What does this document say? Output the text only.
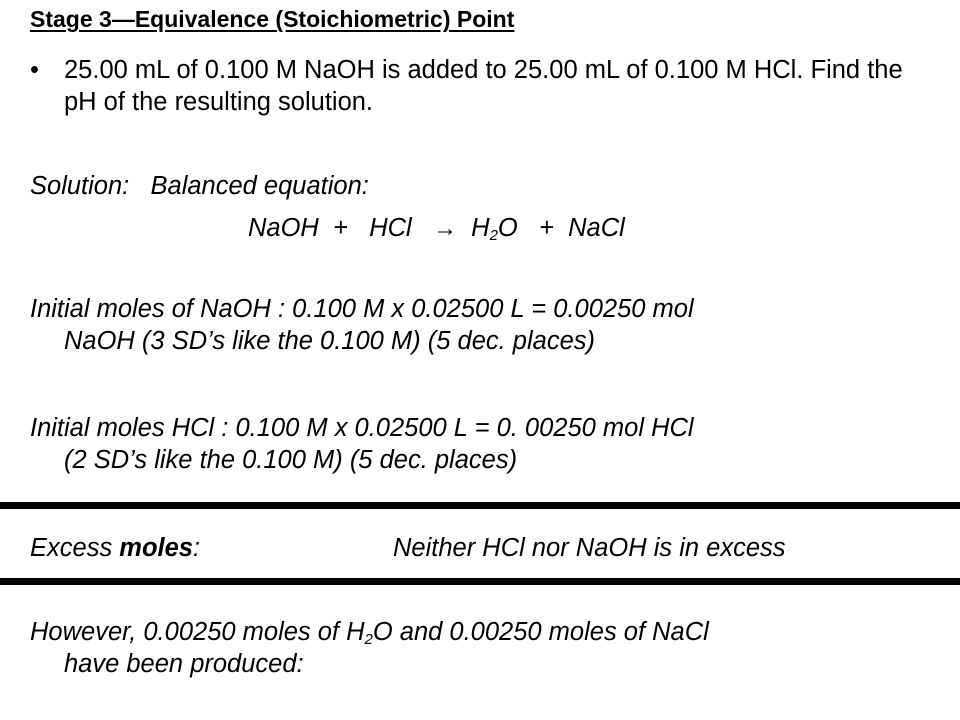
Stage 3—Equivalence (Stoichiometric) Point
• 25.00 mL of 0.100 M NaOH is added to 25.00 mL of 0.100 M HCl. Find the pH of the resulting solution.
Solution: Balanced equation:
NaOH + HCl → $H_2O$ + NaCl
Initial moles of NaOH : 0.100 M x 0.02500 L = 0.00250 mol
NaOH (3 SD’s like the 0.100 M) (5 dec. places)
Initial moles HCl : 0.100 M x 0.02500 L = 0. 00250 mol HCl
(2 SD’s like the 0.100 M) (5 dec. places)
Excess moles:	Neither HCl nor NaOH is in excess
However, 0.00250 moles of $H_2O$ and 0.00250 moles of NaCl
have been produced:
